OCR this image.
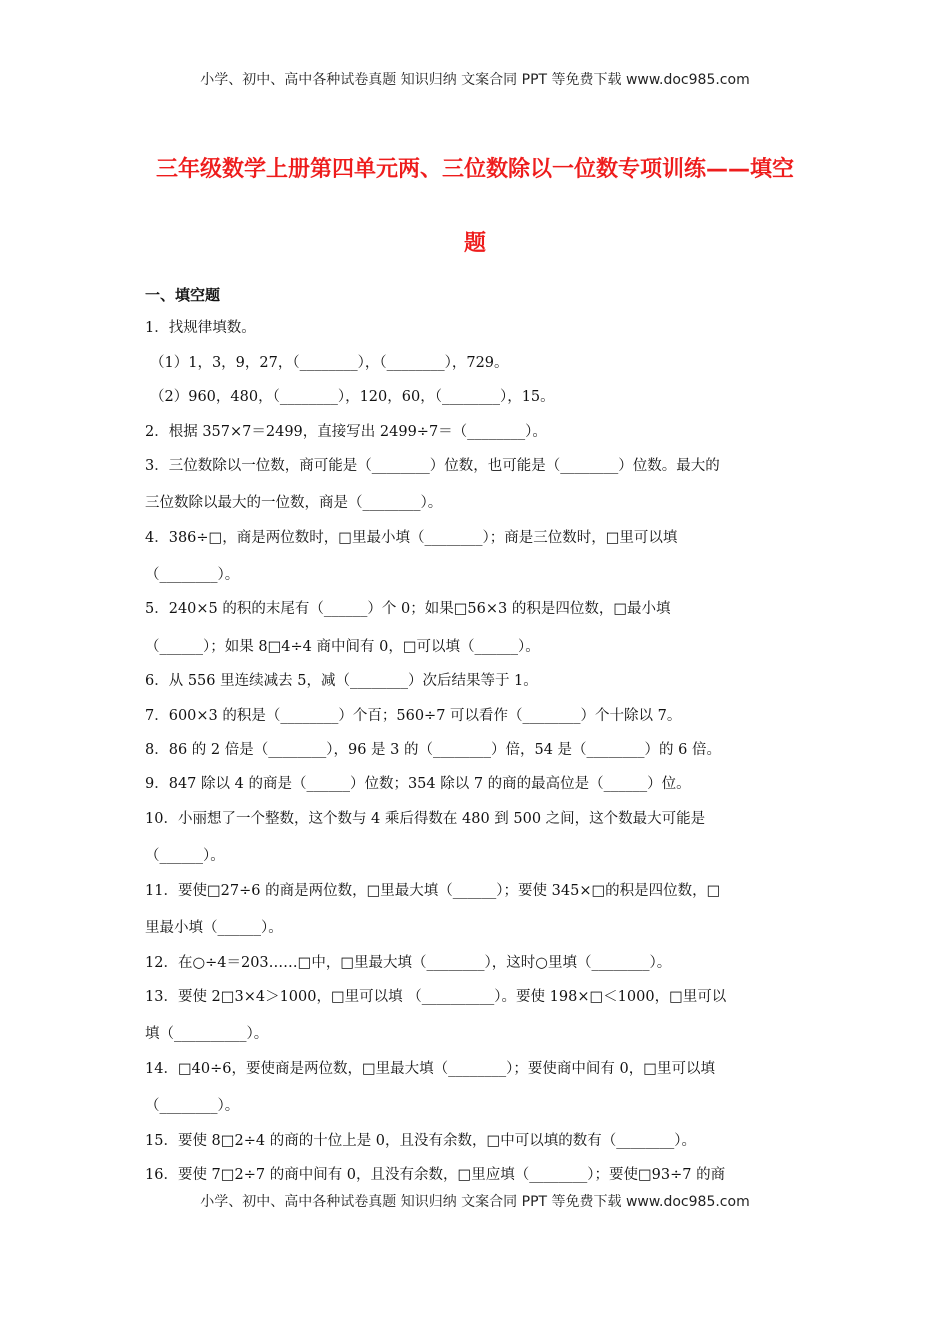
小学、初中、高中各种试卷真题 知识归纳 文案合同 PPT 等免费下载 www.doc985.com
三年级数学上册第四单元两、三位数除以一位数专项训练——填空
题
一、填空题
1．找规律填数。
（1）1，3，9，27，（________），（________），729。
（2）960，480，（________），120，60，（________），15。
2．根据 357×7＝2499，直接写出 2499÷7＝（________）。
3．三位数除以一位数，商可能是（________）位数，也可能是（________）位数。最大的
三位数除以最大的一位数，商是（________）。
4．386÷□，商是两位数时，□里最小填（________）；商是三位数时，□里可以填
（________）。
5．240×5 的积的末尾有（______）个 0；如果□56×3 的积是四位数，□最小填
（______）；如果 8□4÷4 商中间有 0，□可以填（______）。
6．从 556 里连续减去 5，减（________）次后结果等于 1。
7．600×3 的积是（________）个百；560÷7 可以看作（________）个十除以 7。
8．86 的 2 倍是（________），96 是 3 的（________）倍，54 是（________）的 6 倍。
9．847 除以 4 的商是（______）位数；354 除以 7 的商的最高位是（______）位。
10．小丽想了一个整数，这个数与 4 乘后得数在 480 到 500 之间，这个数最大可能是
（______）。
11．要使□27÷6 的商是两位数，□里最大填（______）；要使 345×□的积是四位数，□
里最小填（______）。
12．在○÷4＝203……□中，□里最大填（________），这时○里填（________）。
13．要使 2□3×4＞1000，□里可以填 （__________）。要使 198×□＜1000，□里可以
填（__________）。
14．□40÷6，要使商是两位数，□里最大填（________）；要使商中间有 0，□里可以填
（________）。
15．要使 8□2÷4 的商的十位上是 0，且没有余数，□中可以填的数有（________）。
16．要使 7□2÷7 的商中间有 0，且没有余数，□里应填（________）；要使□93÷7 的商
小学、初中、高中各种试卷真题 知识归纳 文案合同 PPT 等免费下载 www.doc985.com
